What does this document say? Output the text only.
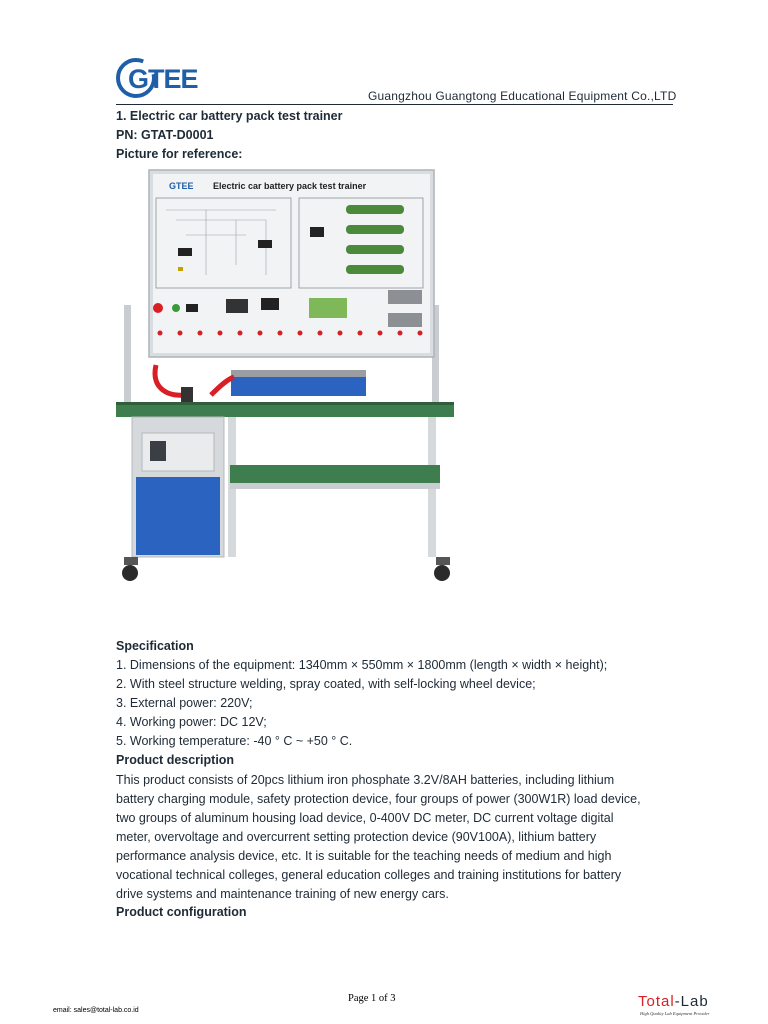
GTEE
Guangzhou Guangtong Educational Equipment Co.,LTD
1. Electric car battery pack test trainer
PN: GTAT-D0001
Picture for reference:
GTEE Electric car battery pack test trainer
Specification
1. Dimensions of the equipment: 1340mm × 550mm × 1800mm (length × width × height);
2. With steel structure welding, spray coated, with self-locking wheel device;
3. External power: 220V;
4. Working power: DC 12V;
5. Working temperature: -40 ° C ~ +50 ° C.
Product description
This product consists of 20pcs lithium iron phosphate 3.2V/8AH batteries, including lithium
battery charging module, safety protection device, four groups of power (300W1R) load device,
two groups of aluminum housing load device, 0-400V DC meter, DC current voltage digital
meter, overvoltage and overcurrent setting protection device (90V100A), lithium battery
performance analysis device, etc. It is suitable for the teaching needs of medium and high
vocational technical colleges, general education colleges and training institutions for battery
drive systems and maintenance training of new energy cars.
Product configuration
Page 1 of 3
email: sales@total-lab.co.id
Total-Lab
High Quality Lab Equipment Provider
